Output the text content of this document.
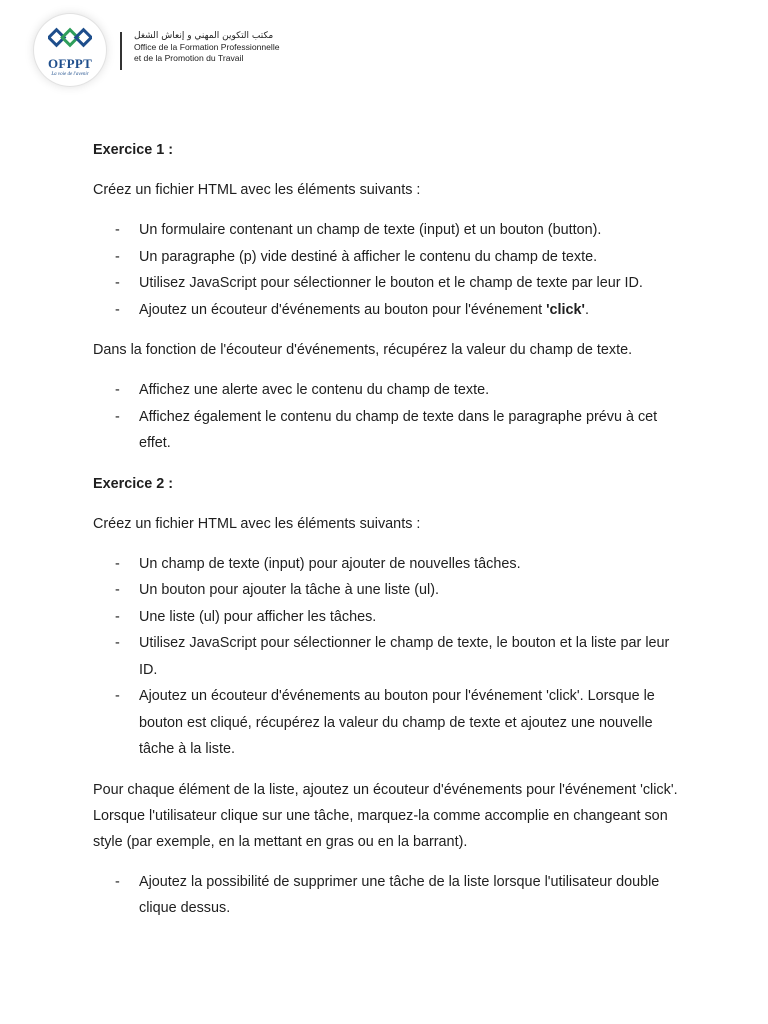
OFPPT
La voie de l'avenir
مكتب التكوين المهني و إنعاش الشغل
Office de la Formation Professionnelle
et de la Promotion du Travail

Exercice 1 :

Créez un fichier HTML avec les éléments suivants :

- Un formulaire contenant un champ de texte (input) et un bouton (button).
- Un paragraphe (p) vide destiné à afficher le contenu du champ de texte.
- Utilisez JavaScript pour sélectionner le bouton et le champ de texte par leur ID.
- Ajoutez un écouteur d'événements au bouton pour l'événement 'click'.

Dans la fonction de l'écouteur d'événements, récupérez la valeur du champ de texte.

- Affichez une alerte avec le contenu du champ de texte.
- Affichez également le contenu du champ de texte dans le paragraphe prévu à cet effet.

Exercice 2 :

Créez un fichier HTML avec les éléments suivants :

- Un champ de texte (input) pour ajouter de nouvelles tâches.
- Un bouton pour ajouter la tâche à une liste (ul).
- Une liste (ul) pour afficher les tâches.
- Utilisez JavaScript pour sélectionner le champ de texte, le bouton et la liste par leur ID.
- Ajoutez un écouteur d'événements au bouton pour l'événement 'click'. Lorsque le bouton est cliqué, récupérez la valeur du champ de texte et ajoutez une nouvelle tâche à la liste.

Pour chaque élément de la liste, ajoutez un écouteur d'événements pour l'événement 'click'. Lorsque l'utilisateur clique sur une tâche, marquez-la comme accomplie en changeant son style (par exemple, en la mettant en gras ou en la barrant).

- Ajoutez la possibilité de supprimer une tâche de la liste lorsque l'utilisateur double clique dessus.
